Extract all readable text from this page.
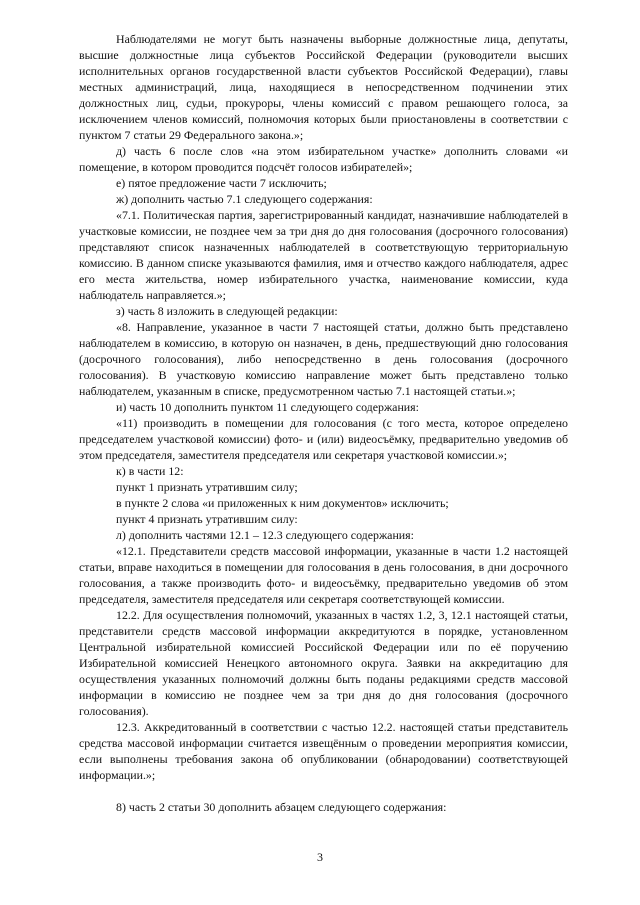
Наблюдателями не могут быть назначены выборные должностные лица, депутаты, высшие должностные лица субъектов Российской Федерации (руководители высших исполнительных органов государственной власти субъектов Российской Федерации), главы местных администраций, лица, находящиеся в непосредственном подчинении этих должностных лиц, судьи, прокуроры, члены комиссий с правом решающего голоса, за исключением членов комиссий, полномочия которых были приостановлены в соответствии с пунктом 7 статьи 29 Федерального закона.»;

д) часть 6 после слов «на этом избирательном участке» дополнить словами «и помещение, в котором проводится подсчёт голосов избирателей»;

е) пятое предложение части 7 исключить;

ж) дополнить частью 7.1 следующего содержания:

«7.1. Политическая партия, зарегистрированный кандидат, назначившие наблюдателей в участковые комиссии, не позднее чем за три дня до дня голосования (досрочного голосования) представляют список назначенных наблюдателей в соответствующую территориальную комиссию. В данном списке указываются фамилия, имя и отчество каждого наблюдателя, адрес его места жительства, номер избирательного участка, наименование комиссии, куда наблюдатель направляется.»;

з) часть 8 изложить в следующей редакции:

«8. Направление, указанное в части 7 настоящей статьи, должно быть представлено наблюдателем в комиссию, в которую он назначен, в день, предшествующий дню голосования (досрочного голосования), либо непосредственно в день голосования (досрочного голосования). В участковую комиссию направление может быть представлено только наблюдателем, указанным в списке, предусмотренном частью 7.1 настоящей статьи.»;

и) часть 10 дополнить пунктом 11 следующего содержания:

«11) производить в помещении для голосования (с того места, которое определено председателем участковой комиссии) фото- и (или) видеосъёмку, предварительно уведомив об этом председателя, заместителя председателя или секретаря участковой комиссии.»;

к) в части 12:

пункт 1 признать утратившим силу;

в пункте 2 слова «и приложенных к ним документов» исключить;

пункт 4 признать утратившим силу:

л) дополнить частями 12.1 – 12.3 следующего содержания:

«12.1. Представители средств массовой информации, указанные в части 1.2 настоящей статьи, вправе находиться в помещении для голосования в день голосования, в дни досрочного голосования, а также производить фото- и видеосъёмку, предварительно уведомив об этом председателя, заместителя председателя или секретаря соответствующей комиссии.

12.2. Для осуществления полномочий, указанных в частях 1.2, 3, 12.1 настоящей статьи, представители средств массовой информации аккредитуются в порядке, установленном Центральной избирательной комиссией Российской Федерации или по её поручению Избирательной комиссией Ненецкого автономного округа. Заявки на аккредитацию для осуществления указанных полномочий должны быть поданы редакциями средств массовой информации в комиссию не позднее чем за три дня до дня голосования (досрочного голосования).

12.3. Аккредитованный в соответствии с частью 12.2. настоящей статьи представитель средства массовой информации считается извещённым о проведении мероприятия комиссии, если выполнены требования закона об опубликовании (обнародовании) соответствующей информации.»;

8) часть 2 статьи 30 дополнить абзацем следующего содержания:

3
